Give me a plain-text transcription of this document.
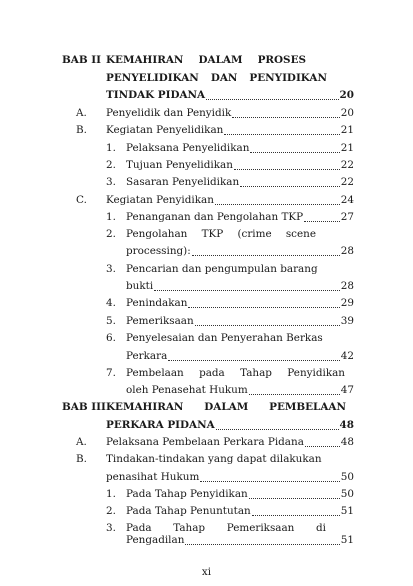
BAB II KEMAHIRAN DALAM PROSES
PENYELIDIKAN DAN PENYIDIKAN
TINDAK PIDANA	20
A. Penyelidik dan Penyidik	20
B. Kegiatan Penyelidikan	21
1. Pelaksana Penyelidikan	21
2. Tujuan Penyelidikan	22
3. Sasaran Penyelidikan	22
C. Kegiatan Penyidikan	24
1. Penanganan dan Pengolahan TKP	27
2. Pengolahan TKP (crime scene
processing):	28
3. Pencarian dan pengumpulan barang
bukti	28
4. Penindakan	29
5. Pemeriksaan	39
6. Penyelesaian dan Penyerahan Berkas
Perkara	42
7. Pembelaan pada Tahap Penyidikan
oleh Penasehat Hukum	47
BAB III KEMAHIRAN DALAM PEMBELAAN
PERKARA PIDANA	48
A. Pelaksana Pembelaan Perkara Pidana	48
B. Tindakan-tindakan yang dapat dilakukan
penasihat Hukum	50
1. Pada Tahap Penyidikan	50
2. Pada Tahap Penuntutan	51
xi
3. Pada Tahap Pemeriksaan di
Pengadilan	51
